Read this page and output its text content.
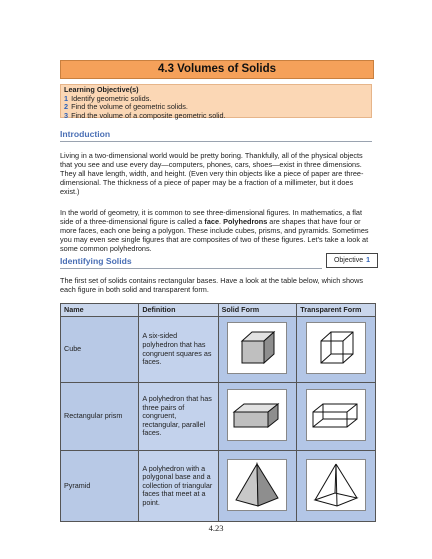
4.3 Volumes of Solids
Learning Objective(s)
1 Identify geometric solids.
2 Find the volume of geometric solids.
3 Find the volume of a composite geometric solid.
Introduction
Living in a two-dimensional world would be pretty boring. Thankfully, all of the physical objects that you see and use every day—computers, phones, cars, shoes—exist in three dimensions. They all have length, width, and height. (Even very thin objects like a piece of paper are three-dimensional. The thickness of a piece of paper may be a fraction of a millimeter, but it does exist.)
In the world of geometry, it is common to see three-dimensional figures. In mathematics, a flat side of a three-dimensional figure is called a face. Polyhedrons are shapes that have four or more faces, each one being a polygon. These include cubes, prisms, and pyramids. Sometimes you may even see single figures that are composites of two of these figures. Let’s take a look at some common polyhedrons.
Identifying Solids	Objective 1
The first set of solids contains rectangular bases. Have a look at the table below, which shows each figure in both solid and transparent form.
Name	Definition	Solid Form	Transparent Form
Cube	A six-sided polyhedron that has congruent squares as faces.	

Rectangular prism	A polyhedron that has three pairs of congruent, rectangular, parallel faces.	

Pyramid	A polyhedron with a polygonal base and a collection of triangular faces that meet at a point.	

4.23
